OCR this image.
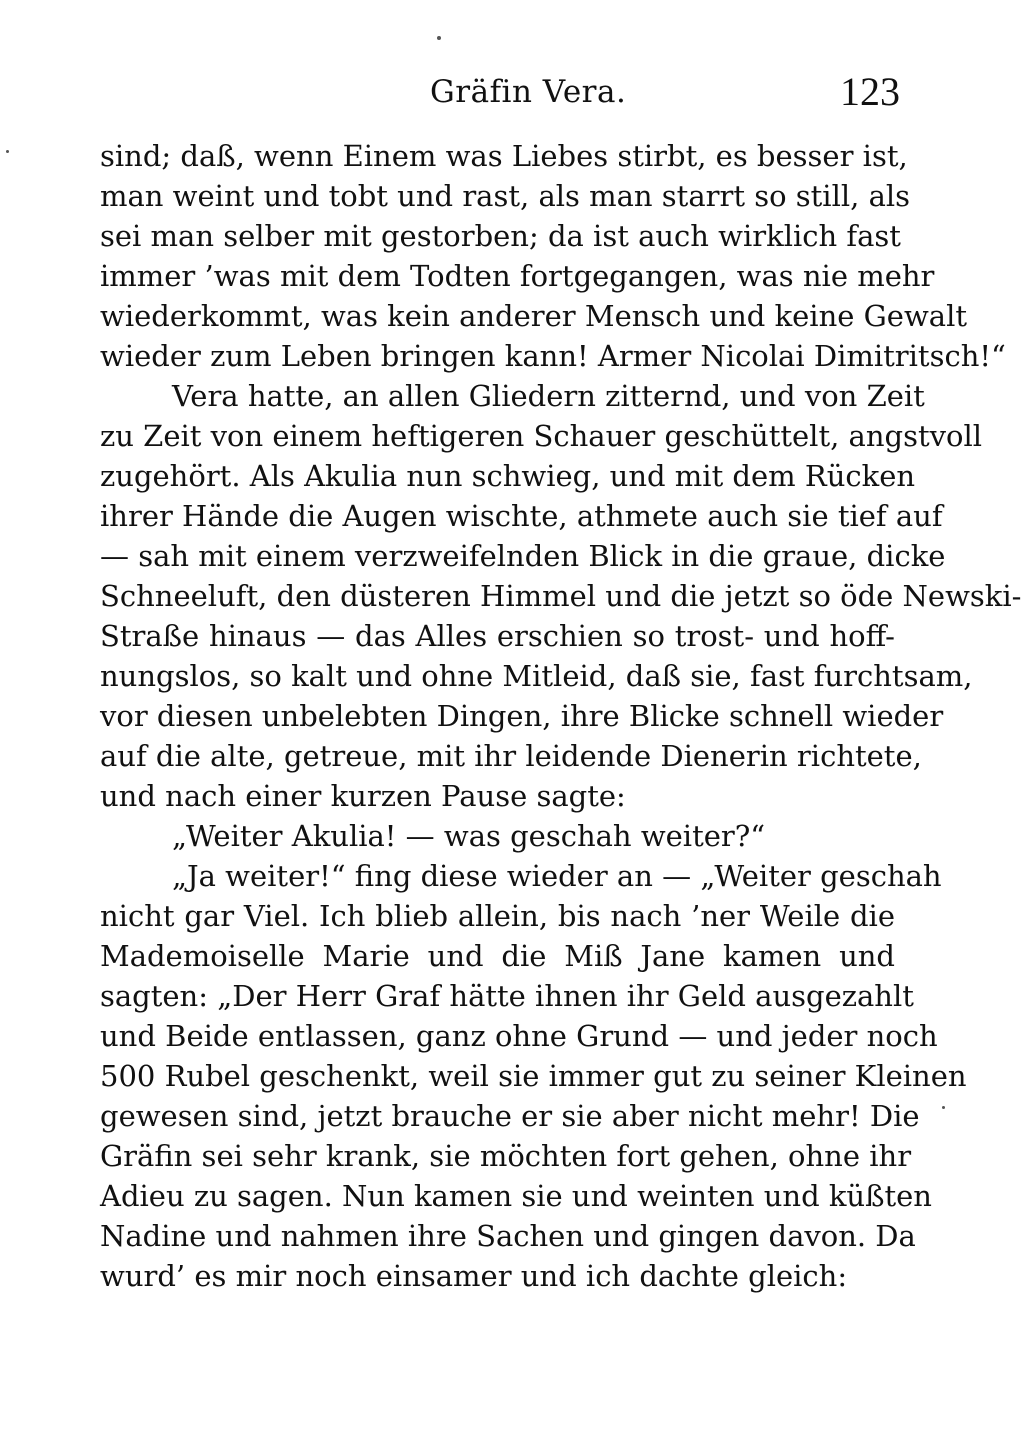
Gräfin Vera.	123
sind; daß, wenn Einem was Liebes stirbt, es besser ist,
man weint und tobt und rast, als man starrt so still, als
sei man selber mit gestorben; da ist auch wirklich fast
immer ’was mit dem Todten fortgegangen, was nie mehr
wiederkommt, was kein anderer Mensch und keine Gewalt
wieder zum Leben bringen kann! Armer Nicolai Dimitritsch!“
Vera hatte, an allen Gliedern zitternd, und von Zeit
zu Zeit von einem heftigeren Schauer geschüttelt, angstvoll
zugehört. Als Akulia nun schwieg, und mit dem Rücken
ihrer Hände die Augen wischte, athmete auch sie tief auf
— sah mit einem verzweifelnden Blick in die graue, dicke
Schneeluft, den düsteren Himmel und die jetzt so öde Newski-
Straße hinaus — das Alles erschien so trost- und hoff-
nungslos, so kalt und ohne Mitleid, daß sie, fast furchtsam,
vor diesen unbelebten Dingen, ihre Blicke schnell wieder
auf die alte, getreue, mit ihr leidende Dienerin richtete,
und nach einer kurzen Pause sagte:
„Weiter Akulia! — was geschah weiter?“
„Ja weiter!“ fing diese wieder an — „Weiter geschah
nicht gar Viel. Ich blieb allein, bis nach ’ner Weile die
Mademoiselle Marie und die Miß Jane kamen und
sagten: „Der Herr Graf hätte ihnen ihr Geld ausgezahlt
und Beide entlassen, ganz ohne Grund — und jeder noch
500 Rubel geschenkt, weil sie immer gut zu seiner Kleinen
gewesen sind, jetzt brauche er sie aber nicht mehr! Die
Gräfin sei sehr krank, sie möchten fort gehen, ohne ihr
Adieu zu sagen. Nun kamen sie und weinten und küßten
Nadine und nahmen ihre Sachen und gingen davon. Da
wurd’ es mir noch einsamer und ich dachte gleich:
